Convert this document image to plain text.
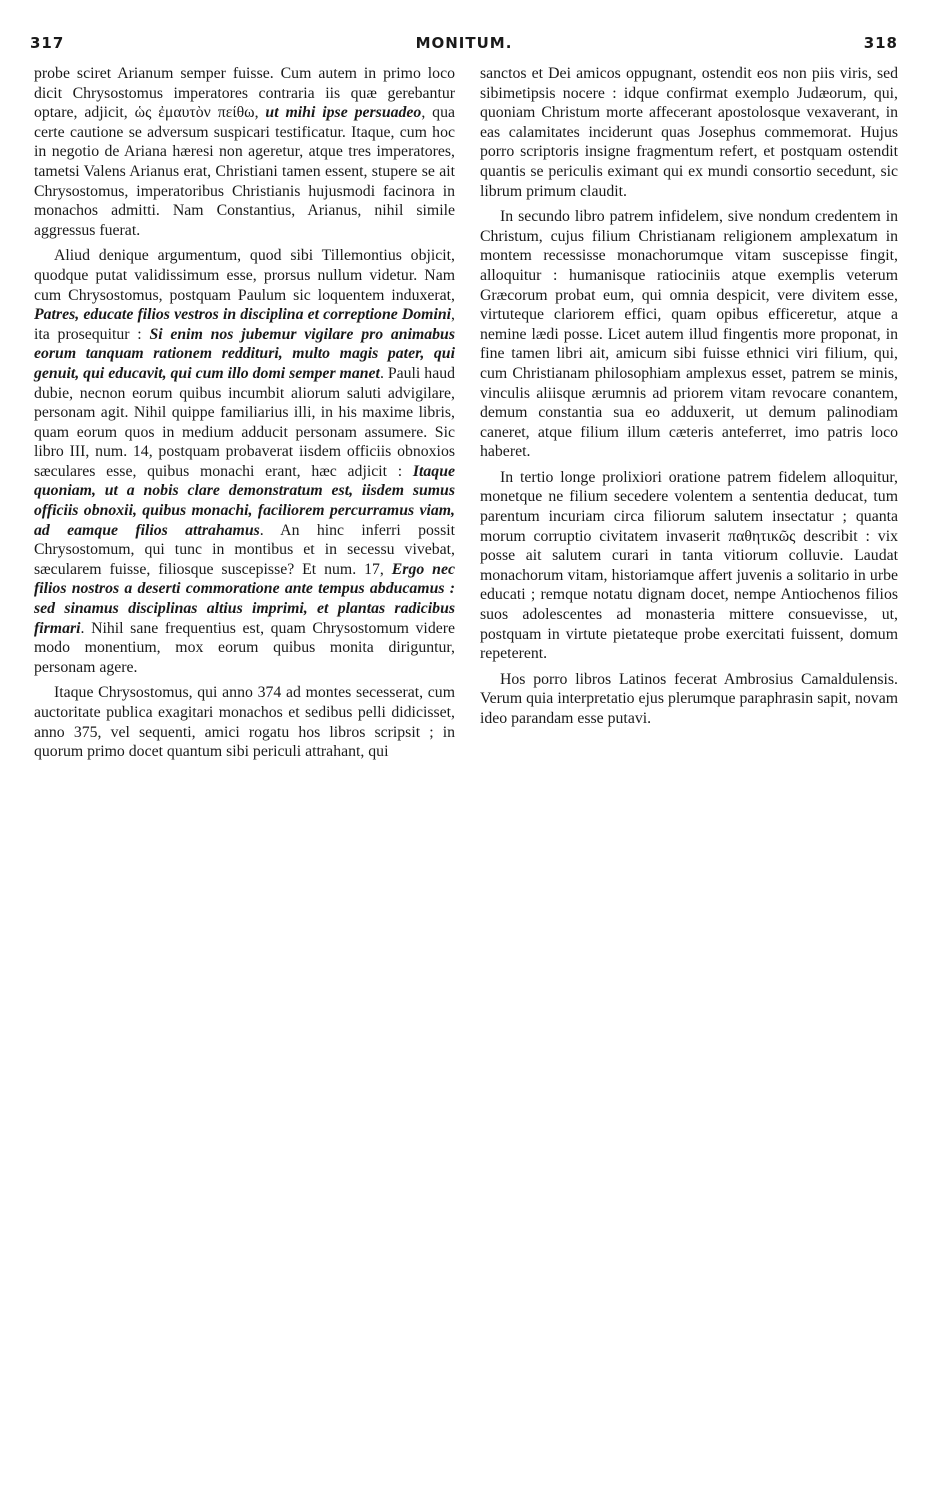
317	MONITUM.	318

probe sciret Arianum semper fuisse. Cum autem in primo loco dicit Chrysostomus imperatores contraria iis quæ gerebantur optare, adjicit, ὡς ἐμαυτὸν πείθω, ut mihi ipse persuadeo, qua certe cautione se adversum suspicari testificatur. Itaque, cum hoc in negotio de Ariana hæresi non ageretur, atque tres imperatores, tametsi Valens Arianus erat, Christiani tamen essent, stupere se ait Chrysostomus, imperatoribus Christianis hujusmodi facinora in monachos admitti. Nam Constantius, Arianus, nihil simile aggressus fuerat.

Aliud denique argumentum, quod sibi Tillemontius objicit, quodque putat validissimum esse, prorsus nullum videtur. Nam cum Chrysostomus, postquam Paulum sic loquentem induxerat, Patres, educate filios vestros in disciplina et correptione Domini, ita prosequitur : Si enim nos jubemur vigilare pro animabus eorum tanquam rationem reddituri, multo magis pater, qui genuit, qui educavit, qui cum illo domi semper manet. Pauli haud dubie, necnon eorum quibus incumbit aliorum saluti advigilare, personam agit. Nihil quippe familiarius illi, in his maxime libris, quam eorum quos in medium adducit personam assumere. Sic libro III, num. 14, postquam probaverat iisdem officiis obnoxios sæculares esse, quibus monachi erant, hæc adjicit : Itaque quoniam, ut a nobis clare demonstratum est, iisdem sumus officiis obnoxii, quibus monachi, faciliorem percurramus viam, ad eamque filios attrahamus. An hinc inferri possit Chrysostomum, qui tunc in montibus et in secessu vivebat, sæcularem fuisse, filiosque suscepisse? Et num. 17, Ergo nec filios nostros a deserti commoratione ante tempus abducamus : sed sinamus disciplinas altius imprimi, et plantas radicibus firmari. Nihil sane frequentius est, quam Chrysostomum videre modo monentium, mox eorum quibus monita diriguntur, personam agere.

Itaque Chrysostomus, qui anno 374 ad montes secesserat, cum auctoritate publica exagitari monachos et sedibus pelli didicisset, anno 375, vel sequenti, amici rogatu hos libros scripsit ; in quorum primo docet quantum sibi periculi attrahant, qui

sanctos et Dei amicos oppugnant, ostendit eos non piis viris, sed sibimetipsis nocere : idque confirmat exemplo Judæorum, qui, quoniam Christum morte affecerant apostolosque vexaverant, in eas calamitates inciderunt quas Josephus commemorat. Hujus porro scriptoris insigne fragmentum refert, et postquam ostendit quantis se periculis eximant qui ex mundi consortio secedunt, sic librum primum claudit.

In secundo libro patrem infidelem, sive nondum credentem in Christum, cujus filium Christianam religionem amplexatum in montem recessisse monachorumque vitam suscepisse fingit, alloquitur : humanisque ratiociniis atque exemplis veterum Græcorum probat eum, qui omnia despicit, vere divitem esse, virtuteque clariorem effici, quam opibus efficeretur, atque a nemine lædi posse. Licet autem illud fingentis more proponat, in fine tamen libri ait, amicum sibi fuisse ethnici viri filium, qui, cum Christianam philosophiam amplexus esset, patrem se minis, vinculis aliisque ærumnis ad priorem vitam revocare conantem, demum constantia sua eo adduxerit, ut demum palinodiam caneret, atque filium illum cæteris anteferret, imo patris loco haberet.

In tertio longe prolixiori oratione patrem fidelem alloquitur, monetque ne filium secedere volentem a sententia deducat, tum parentum incuriam circa filiorum salutem insectatur ; quanta morum corruptio civitatem invaserit παθητικῶς describit : vix posse ait salutem curari in tanta vitiorum colluvie. Laudat monachorum vitam, historiamque affert juvenis a solitario in urbe educati ; remque notatu dignam docet, nempe Antiochenos filios suos adolescentes ad monasteria mittere consuevisse, ut, postquam in virtute pietateque probe exercitati fuissent, domum repeterent.

Hos porro libros Latinos fecerat Ambrosius Camaldulensis. Verum quia interpretatio ejus plerumque paraphrasin sapit, novam ideo parandam esse putavi.
